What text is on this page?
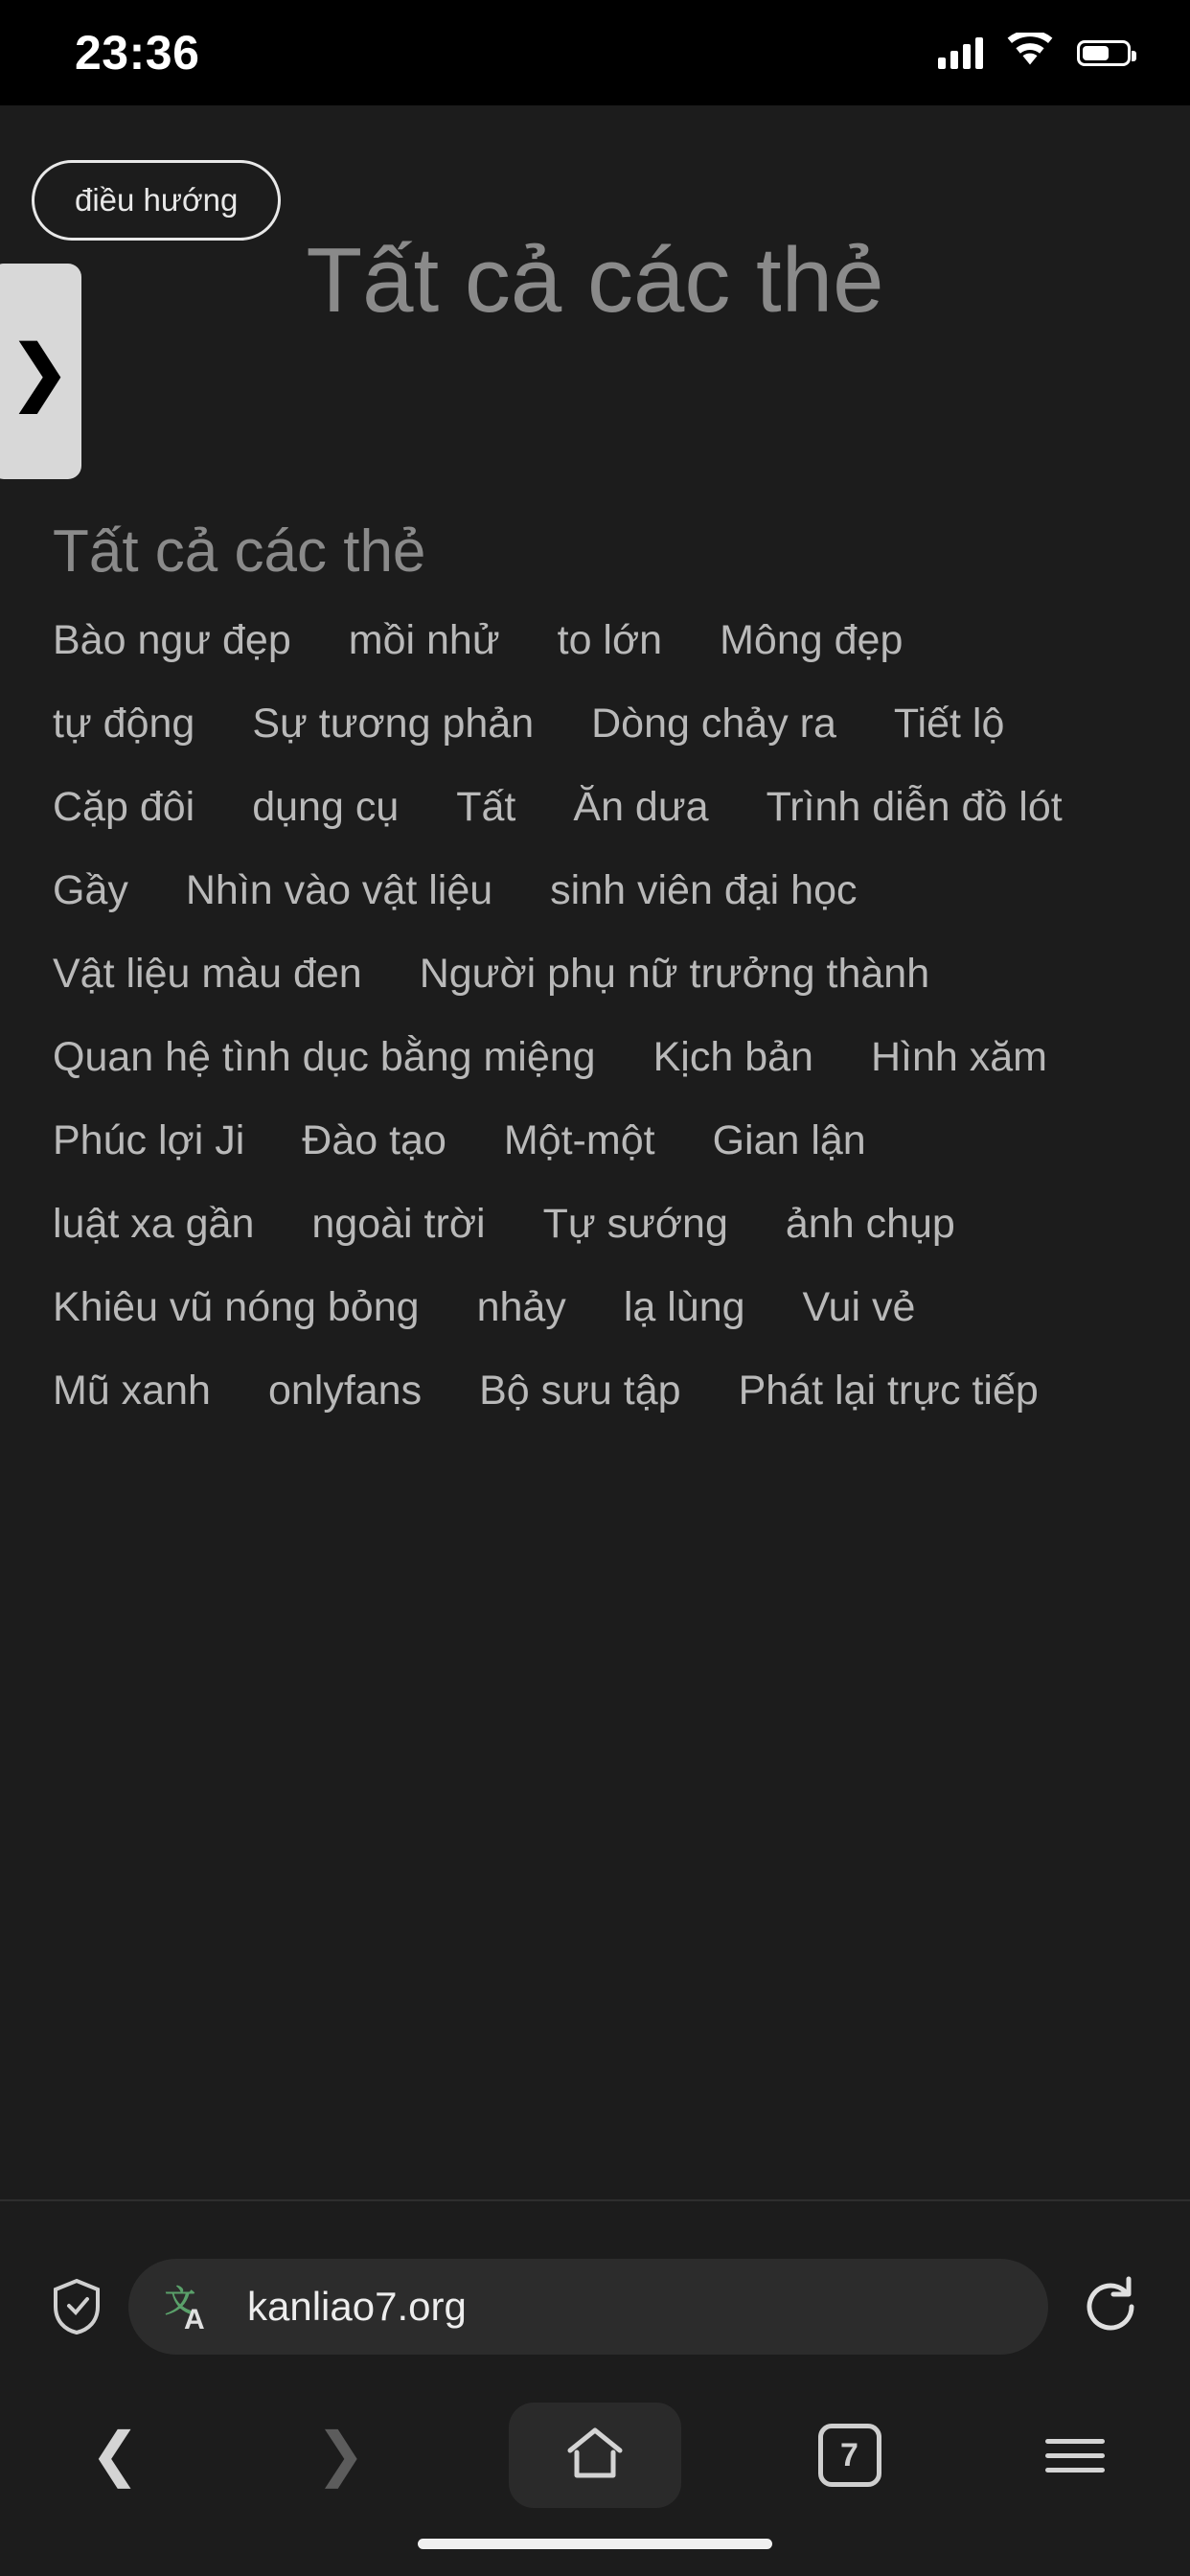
23:36
điều hướng
Tất cả các thẻ
❯
Tất cả các thẻ
Bào ngư đẹp	mồi nhử	to lớn	Mông đẹp
tự động	Sự tương phản	Dòng chảy ra	Tiết lộ
Cặp đôi	dụng cụ	Tất	Ăn dưa	Trình diễn đồ lót
Gầy	Nhìn vào vật liệu	sinh viên đại học
Vật liệu màu đen	Người phụ nữ trưởng thành
Quan hệ tình dục bằng miệng	Kịch bản	Hình xăm
Phúc lợi Ji	Đào tạo	Một-một	Gian lận
luật xa gần	ngoài trời	Tự sướng	ảnh chụp
Khiêu vũ nóng bỏng	nhảy	lạ lùng	Vui vẻ
Mũ xanh	onlyfans	Bộ sưu tập	Phát lại trực tiếp
文
A kanliao7.org
❮	❯	7
